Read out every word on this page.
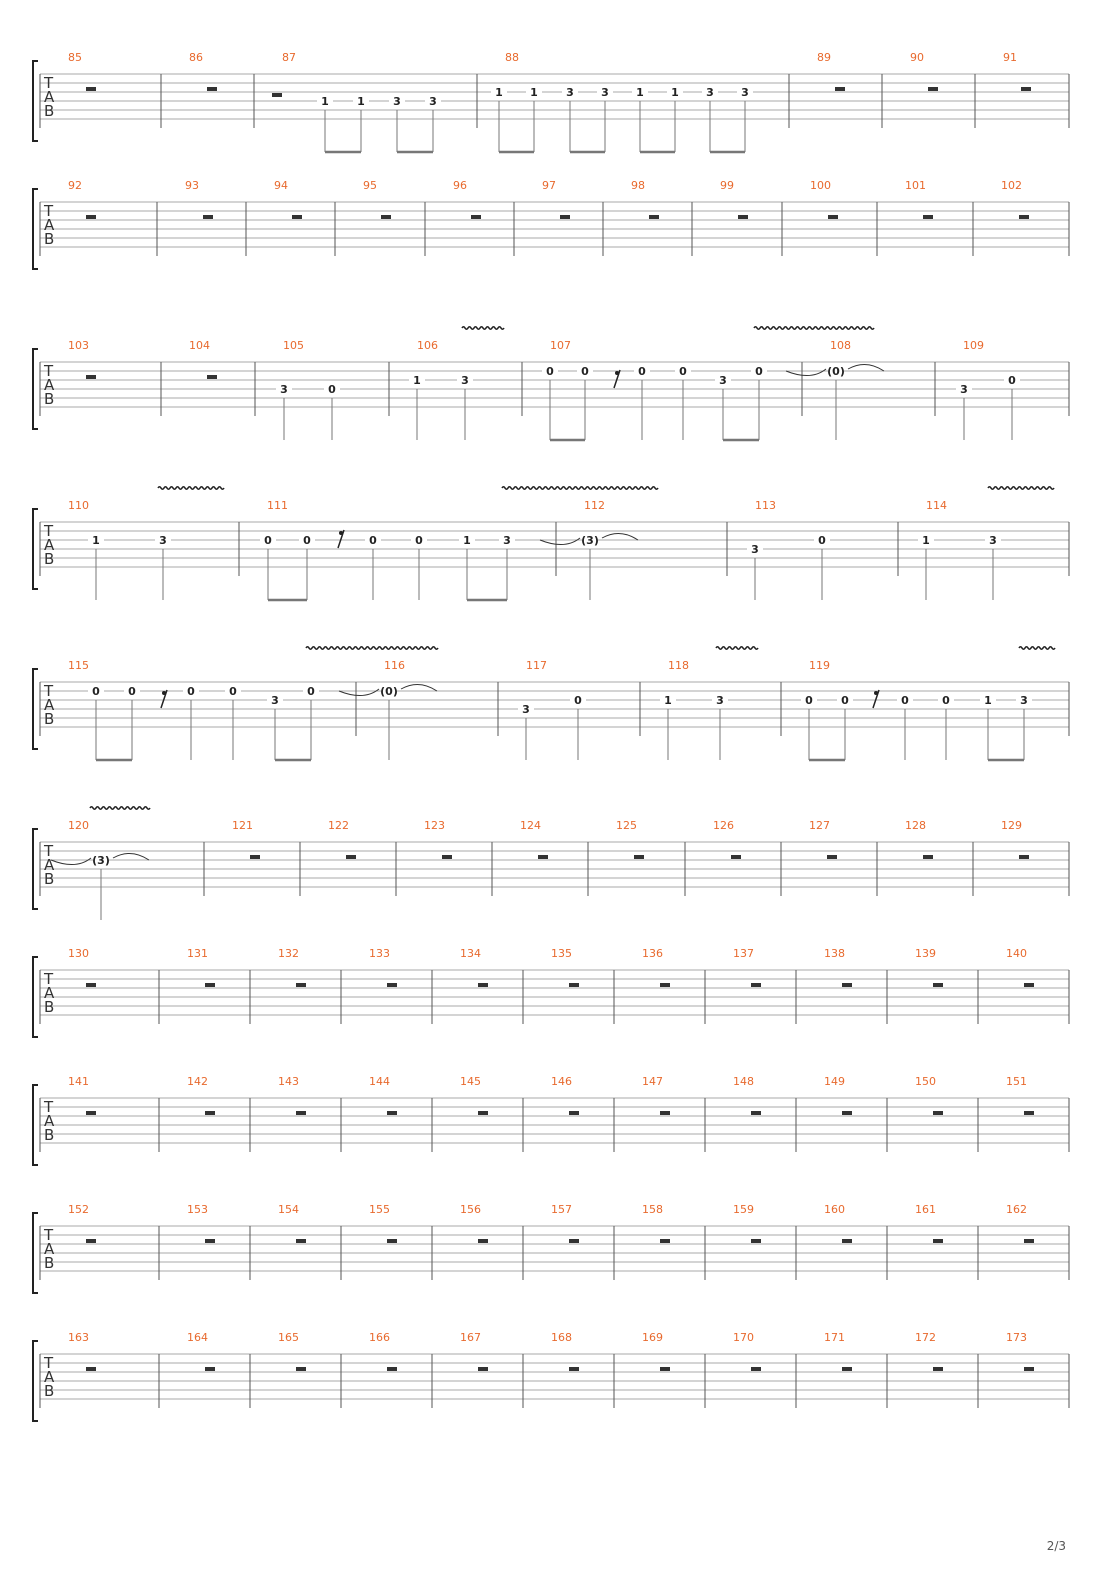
T
A
B
85	86	87	88	89	90	91
T
A
B
92	93	94	95	96	97	98	99	100	101	102
T
A
B
103	104	105	106	107	108	109
T
A
B
110	111	112	113	114
T
A
B
115	116	117	118	119
T
A
B
120	121	122	123	124	125	126	127	128	129
T
A
B
130	131	132	133	134	135	136	137	138	139	140
T
A
B
141	142	143	144	145	146	147	148	149	150	151
T
A
B
152	153	154	155	156	157	158	159	160	161	162
T
A
B
163	164	165	166	167	168	169	170	171	172	173
1	1	3	3
1 1	3 3 1 1 3 3
3	0
1	3
0 0	0	0
3
0	(0)
3
0
1	3	0	0	0	0	1	3	(3)
3
0	1	3
0	0	0	0
3
0	(0)
3
0	1	3	0	0	0	0	1	3
(3)
2/3
